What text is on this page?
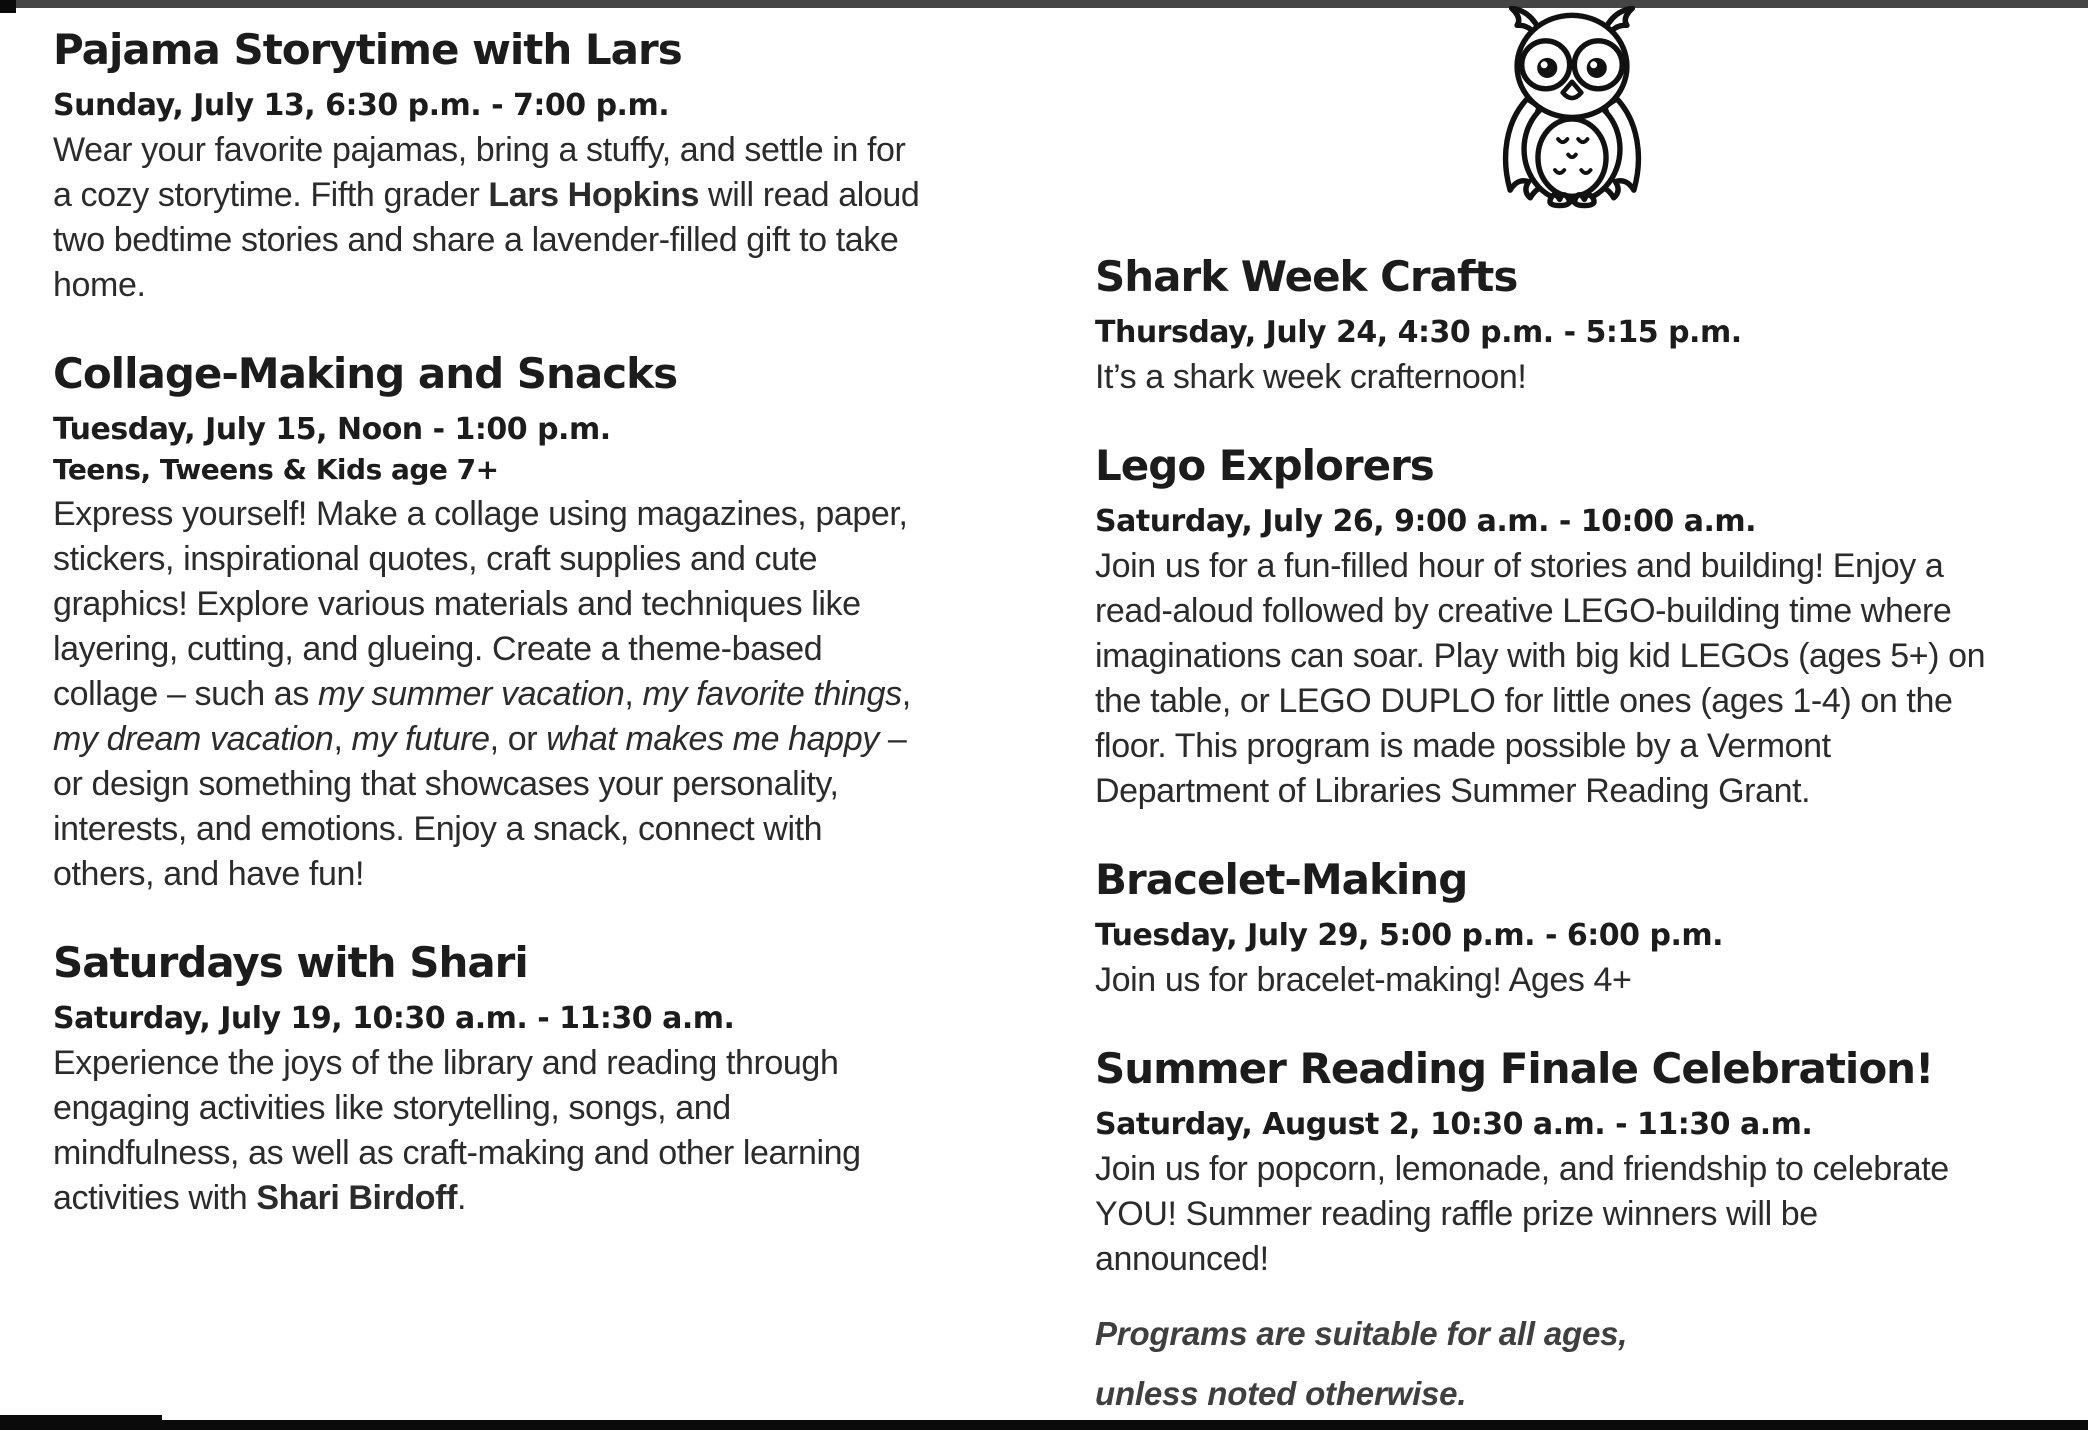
Pajama Storytime with Lars
Sunday, July 13, 6:30 p.m. - 7:00 p.m.
Wear your favorite pajamas, bring a stuffy, and settle in for
a cozy storytime. Fifth grader Lars Hopkins will read aloud
two bedtime stories and share a lavender-filled gift to take
home.
Collage-Making and Snacks
Tuesday, July 15, Noon - 1:00 p.m.
Teens, Tweens & Kids age 7+
Express yourself! Make a collage using magazines, paper,
stickers, inspirational quotes, craft supplies and cute
graphics! Explore various materials and techniques like
layering, cutting, and glueing. Create a theme-based
collage – such as my summer vacation, my favorite things,
my dream vacation, my future, or what makes me happy –
or design something that showcases your personality,
interests, and emotions. Enjoy a snack, connect with
others, and have fun!
Saturdays with Shari
Saturday, July 19, 10:30 a.m. - 11:30 a.m.
Experience the joys of the library and reading through
engaging activities like storytelling, songs, and
mindfulness, as well as craft-making and other learning
activities with Shari Birdoff.
Shark Week Crafts
Thursday, July 24, 4:30 p.m. - 5:15 p.m.
It’s a shark week crafternoon!
Lego Explorers
Saturday, July 26, 9:00 a.m. - 10:00 a.m.
Join us for a fun-filled hour of stories and building! Enjoy a
read-aloud followed by creative LEGO-building time where
imaginations can soar. Play with big kid LEGOs (ages 5+) on
the table, or LEGO DUPLO for little ones (ages 1-4) on the
floor. This program is made possible by a Vermont
Department of Libraries Summer Reading Grant.
Bracelet-Making
Tuesday, July 29, 5:00 p.m. - 6:00 p.m.
Join us for bracelet-making! Ages 4+
Summer Reading Finale Celebration!
Saturday, August 2, 10:30 a.m. - 11:30 a.m.
Join us for popcorn, lemonade, and friendship to celebrate
YOU! Summer reading raffle prize winners will be
announced!
Programs are suitable for all ages,
unless noted otherwise.
